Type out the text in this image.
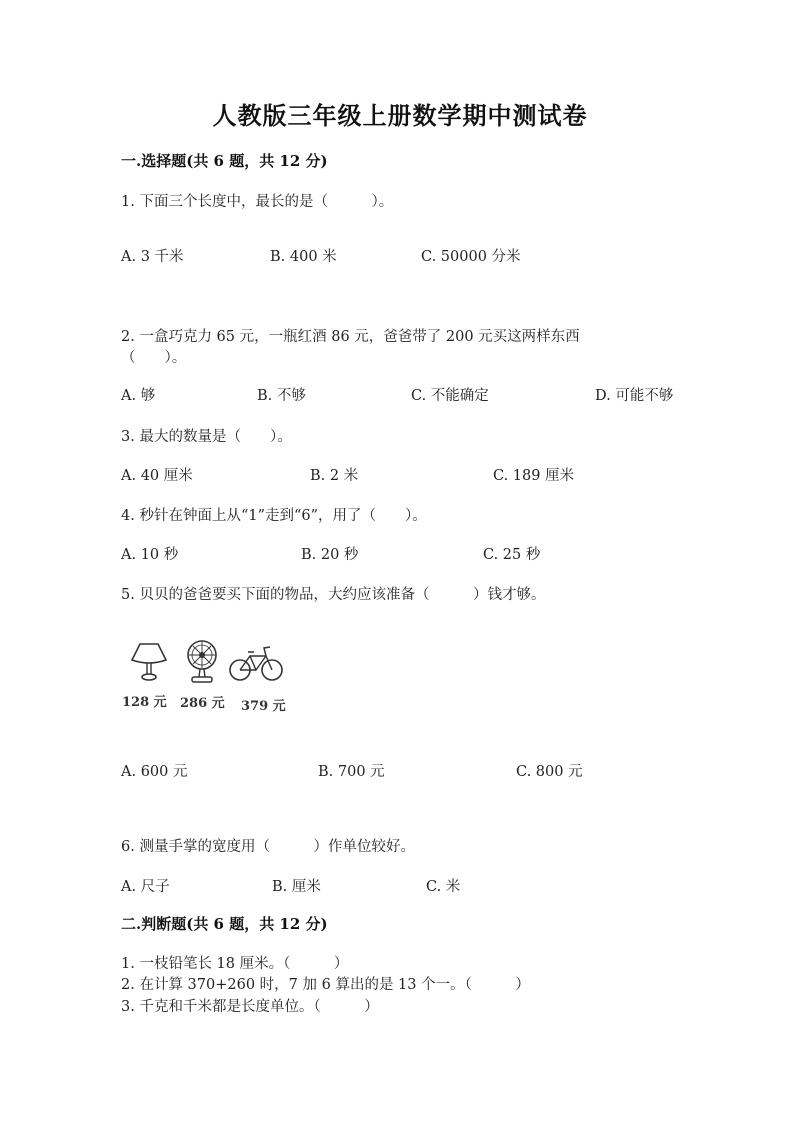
人教版三年级上册数学期中测试卷
一.选择题(共 6 题，共 12 分)
1. 下面三个长度中，最长的是（　　　）。
A. 3 千米	B. 400 米	C. 50000 分米
2. 一盒巧克力 65 元，一瓶红酒 86 元，爸爸带了 200 元买这两样东西
（　　）。
A. 够	B. 不够	C. 不能确定	D. 可能不够
3. 最大的数量是（　　）。
A. 40 厘米	B. 2 米	C. 189 厘米
4. 秒针在钟面上从“1”走到“6”，用了（　　）。
A. 10 秒	B. 20 秒	C. 25 秒
5. 贝贝的爸爸要买下面的物品，大约应该准备（　　　）钱才够。
128 元 286 元 379 元
A. 600 元	B. 700 元	C. 800 元
6. 测量手掌的宽度用（　　　）作单位较好。
A. 尺子	B. 厘米	C. 米
二.判断题(共 6 题，共 12 分)
1. 一枝铅笔长 18 厘米。（　　　）
2. 在计算 370+260 时，7 加 6 算出的是 13 个一。（　　　）
3. 千克和千米都是长度单位。（　　　）
